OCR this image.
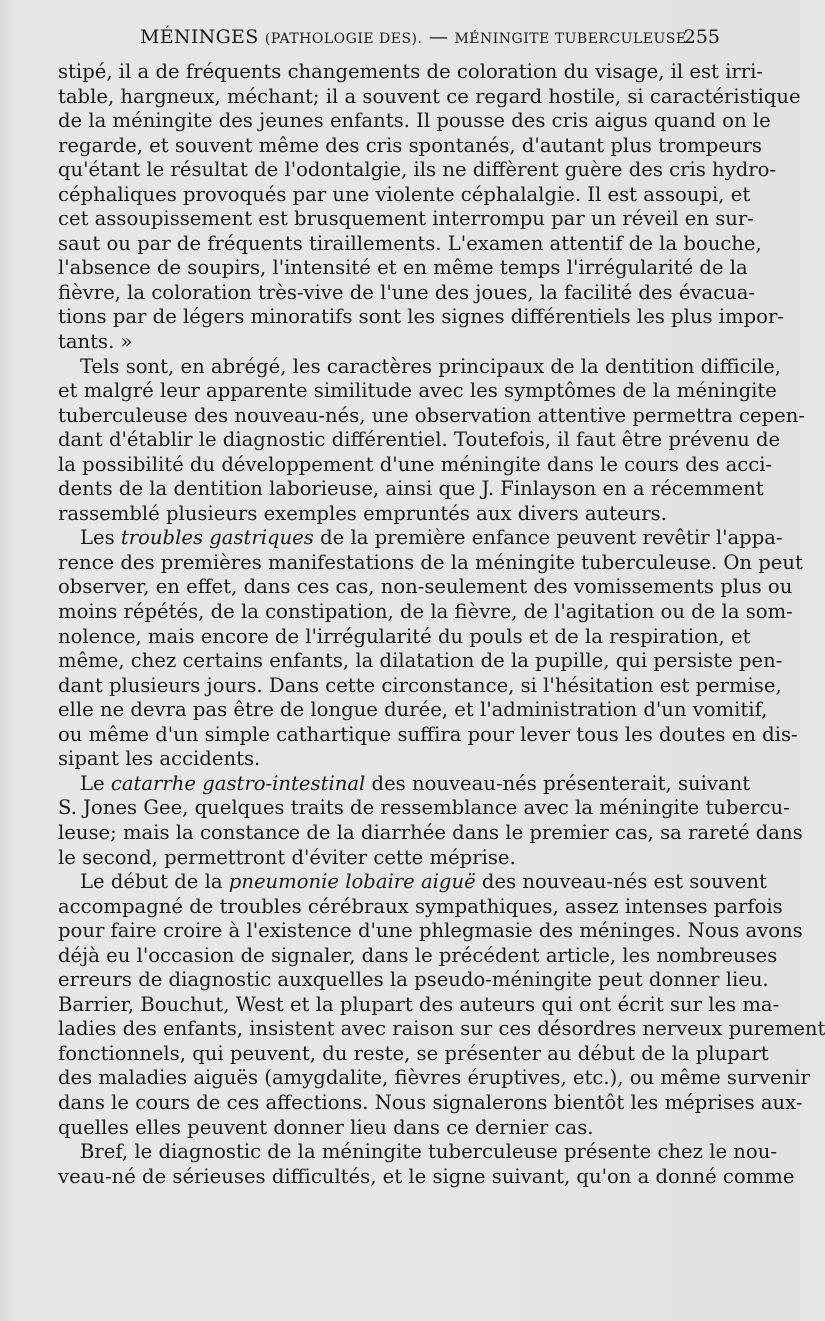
MÉNINGES (PATHOLOGIE DES). — MÉNINGITE TUBERCULEUSE.
255
stipé, il a de fréquents changements de coloration du visage, il est irri-
table, hargneux, méchant; il a souvent ce regard hostile, si caractéristique
de la méningite des jeunes enfants. Il pousse des cris aigus quand on le
regarde, et souvent même des cris spontanés, d'autant plus trompeurs
qu'étant le résultat de l'odontalgie, ils ne diffèrent guère des cris hydro-
céphaliques provoqués par une violente céphalalgie. Il est assoupi, et
cet assoupissement est brusquement interrompu par un réveil en sur-
saut ou par de fréquents tiraillements. L'examen attentif de la bouche,
l'absence de soupirs, l'intensité et en même temps l'irrégularité de la
fièvre, la coloration très-vive de l'une des joues, la facilité des évacua-
tions par de légers minoratifs sont les signes différentiels les plus impor-
tants. »
Tels sont, en abrégé, les caractères principaux de la dentition difficile,
et malgré leur apparente similitude avec les symptômes de la méningite
tuberculeuse des nouveau-nés, une observation attentive permettra cepen-
dant d'établir le diagnostic différentiel. Toutefois, il faut être prévenu de
la possibilité du développement d'une méningite dans le cours des acci-
dents de la dentition laborieuse, ainsi que J. Finlayson en a récemment
rassemblé plusieurs exemples empruntés aux divers auteurs.
Les troubles gastriques de la première enfance peuvent revêtir l'appa-
rence des premières manifestations de la méningite tuberculeuse. On peut
observer, en effet, dans ces cas, non-seulement des vomissements plus ou
moins répétés, de la constipation, de la fièvre, de l'agitation ou de la som-
nolence, mais encore de l'irrégularité du pouls et de la respiration, et
même, chez certains enfants, la dilatation de la pupille, qui persiste pen-
dant plusieurs jours. Dans cette circonstance, si l'hésitation est permise,
elle ne devra pas être de longue durée, et l'administration d'un vomitif,
ou même d'un simple cathartique suffira pour lever tous les doutes en dis-
sipant les accidents.
Le catarrhe gastro-intestinal des nouveau-nés présenterait, suivant
S. Jones Gee, quelques traits de ressemblance avec la méningite tubercu-
leuse; mais la constance de la diarrhée dans le premier cas, sa rareté dans
le second, permettront d'éviter cette méprise.
Le début de la pneumonie lobaire aiguë des nouveau-nés est souvent
accompagné de troubles cérébraux sympathiques, assez intenses parfois
pour faire croire à l'existence d'une phlegmasie des méninges. Nous avons
déjà eu l'occasion de signaler, dans le précédent article, les nombreuses
erreurs de diagnostic auxquelles la pseudo-méningite peut donner lieu.
Barrier, Bouchut, West et la plupart des auteurs qui ont écrit sur les ma-
ladies des enfants, insistent avec raison sur ces désordres nerveux purement
fonctionnels, qui peuvent, du reste, se présenter au début de la plupart
des maladies aiguës (amygdalite, fièvres éruptives, etc.), ou même survenir
dans le cours de ces affections. Nous signalerons bientôt les méprises aux-
quelles elles peuvent donner lieu dans ce dernier cas.
Bref, le diagnostic de la méningite tuberculeuse présente chez le nou-
veau-né de sérieuses difficultés, et le signe suivant, qu'on a donné comme
